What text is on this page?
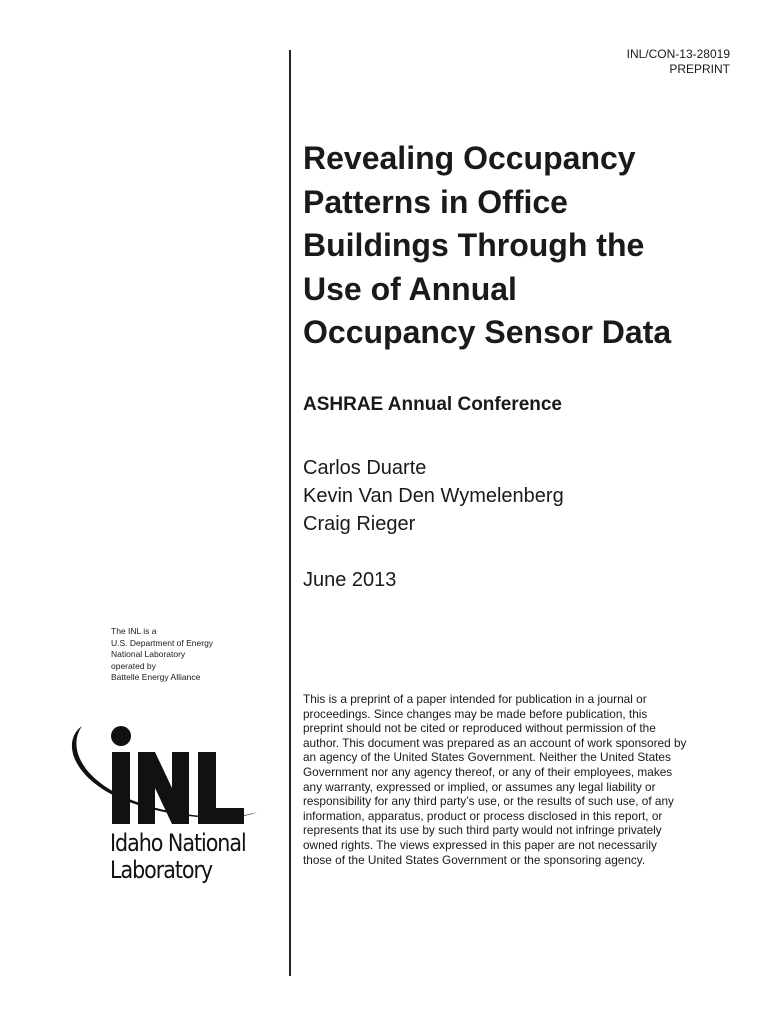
INL/CON-13-28019
PREPRINT
Revealing Occupancy
Patterns in Office
Buildings Through the
Use of Annual
Occupancy Sensor Data
ASHRAE Annual Conference
Carlos Duarte
Kevin Van Den Wymelenberg
Craig Rieger
June 2013
The INL is a
U.S. Department of Energy
National Laboratory
operated by
Battelle Energy Alliance
Idaho National
Laboratory

This is a preprint of a paper intended for publication in a journal or proceedings. Since changes may be made before publication, this preprint should not be cited or reproduced without permission of the author. This document was prepared as an account of work sponsored by an agency of the United States Government. Neither the United States Government nor any agency thereof, or any of their employees, makes any warranty, expressed or implied, or assumes any legal liability or responsibility for any third party’s use, or the results of such use, of any information, apparatus, product or process disclosed in this report, or represents that its use by such third party would not infringe privately owned rights. The views expressed in this paper are not necessarily those of the United States Government or the sponsoring agency.
